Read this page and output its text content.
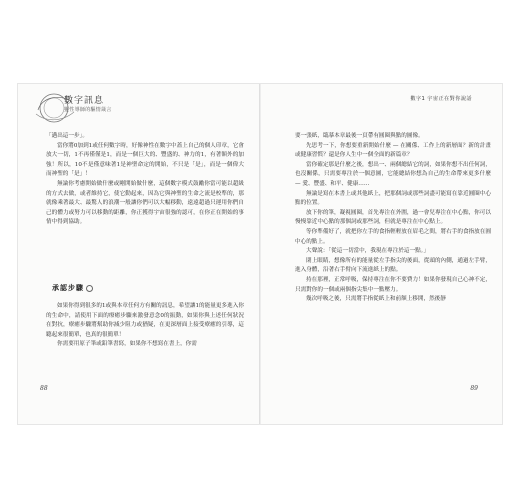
數字訊息
靈性導師的驅情箴言

「邁出這一步」。

當你將0加到1或任何數字時，好像神性在數字中蓋上自己的個人印章，它會放大一切，1不再僅僅是1，而是一個巨大的、豐盛的、神力的1，有著額外的加強！所以，10不是僅意味著1是神聖命定的開始，不只是「是」，而是一個偉大而神聖的「是」！

無論你考慮開始做什麼或剛開始做什麼，這個數字模式鼓勵你當可能以超級的方式去做，或者維持它，使它動起來，因為它與神聖的生命之流是校準的，那就像乘著最大、最驚人的浪潮一般讓你們可以大幅移動，遠遠超過只運用你們自己的體力或努力可以移動的距離，你正獲得宇宙很強的認可，在你正在開始的事情中得到協助。

承認步驟

如果你得到很多的1或與本章任何方有關的訊息，希望讓1的能量更多進入你的生命中，請使用下面的療癒步驟來激發意念0的振動，如果你與上述任何狀況在對抗，療癒步驟將幫助你減少阻力或猶疑，在更深層面上接受療癒的引導，這聽起來很簡單，也真的很簡單！

你需要用原子筆或鉛筆書寫，如果你不想寫在書上，你需

88
數字1 宇宙正在對你說話

要一張紙，臨摹本章最後一頁帶有圓圈與點的圖像。

先思考一下，你想要重新開始什麼 — 在關係、工作上的新層面？新的計畫或健康習慣？還是你人生中一個全面的新篇章？

當你確定那是什麼之後，想出一、兩個總結它的詞，如果你想不出任何詞，也沒關係，只需要專注於一個意圖，它能總結你想為自己的生命帶來更多什麼 — 愛、豐盛、和平、健康……

無論是寫在本書上或其他紙上，把那個詞或那些詞盡可能寫在靠近圓圈中心點的位置。

放下你的筆，凝視圓圈，首先專注在外圍，過一會兒專注在中心點，你可以慢慢靠近中心點的那個詞或那些詞，但就是專注在中心點上。

等你準備好了，就把你左手的食指輕輕放在眉毛之間，將右手的食指放在圓中心的點上。

大聲說：「從這一切當中，我現在專注於這一點。」

閉上眼睛，想像所有的能量從左手指尖的後面，從頭的內側，通過左手臂，進入身體，沿著右手臂向下流進紙上的點。

持在那裡，正常呼吸，保持專注在你不要費力！如果你發現自己心神不定，只需對你的一個或兩個指尖集中一點壓力。

幾次呼吸之後，只需將手指從紙上和前額上移開，然後靜

89
